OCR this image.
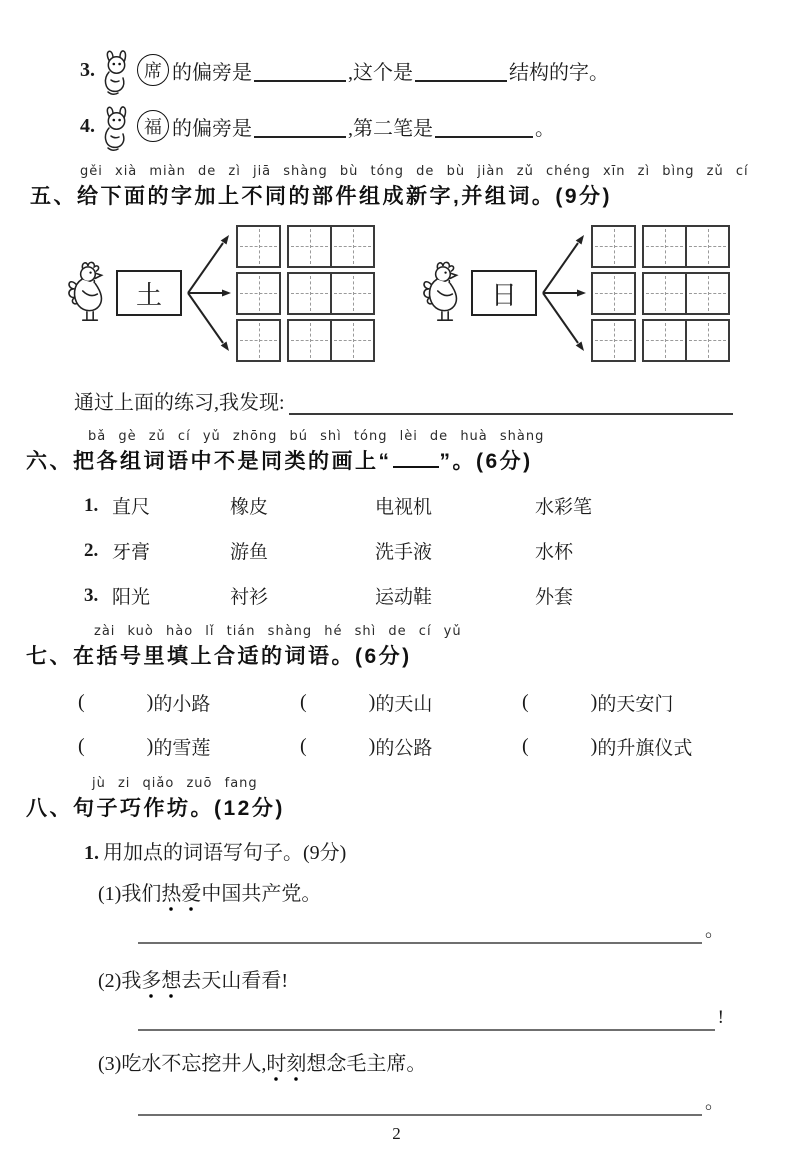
3.	席 的偏旁是	,这个是	结构的字。
4.	福 的偏旁是	,第二笔是	。
gěi xià miàn de zì jiā shàng bù tóng de bù jiàn zǔ chéng xīn zì bìng zǔ cí
五、给下面的字加上不同的部件组成新字,并组词。(9分)
土	日
通过上面的练习,我发现:
bǎ gè zǔ cí yǔ zhōng bú shì tóng lèi de huà shàng
六、把各组词语中不是同类的画上“ ”。(6分)
1. 直尺	橡皮	电视机	水彩笔
2. 牙膏	游鱼	洗手液	水杯
3. 阳光	衬衫	运动鞋	外套
zài kuò hào lǐ tián shàng hé shì de cí yǔ
七、在括号里填上合适的词语。(6分)
(	) 的小路	(	) 的天山	(	) 的天安门
(	) 的雪莲	(	) 的公路	(	) 的升旗仪式
jù zi qiǎo zuō fang
八、句子巧作坊。(12分)
1. 用加点的词语写句子。(9分)
(1)我们热爱中国共产党。
。
(2)我多想去天山看看!
!
(3)吃水不忘挖井人,时刻想念毛主席。
。
2
